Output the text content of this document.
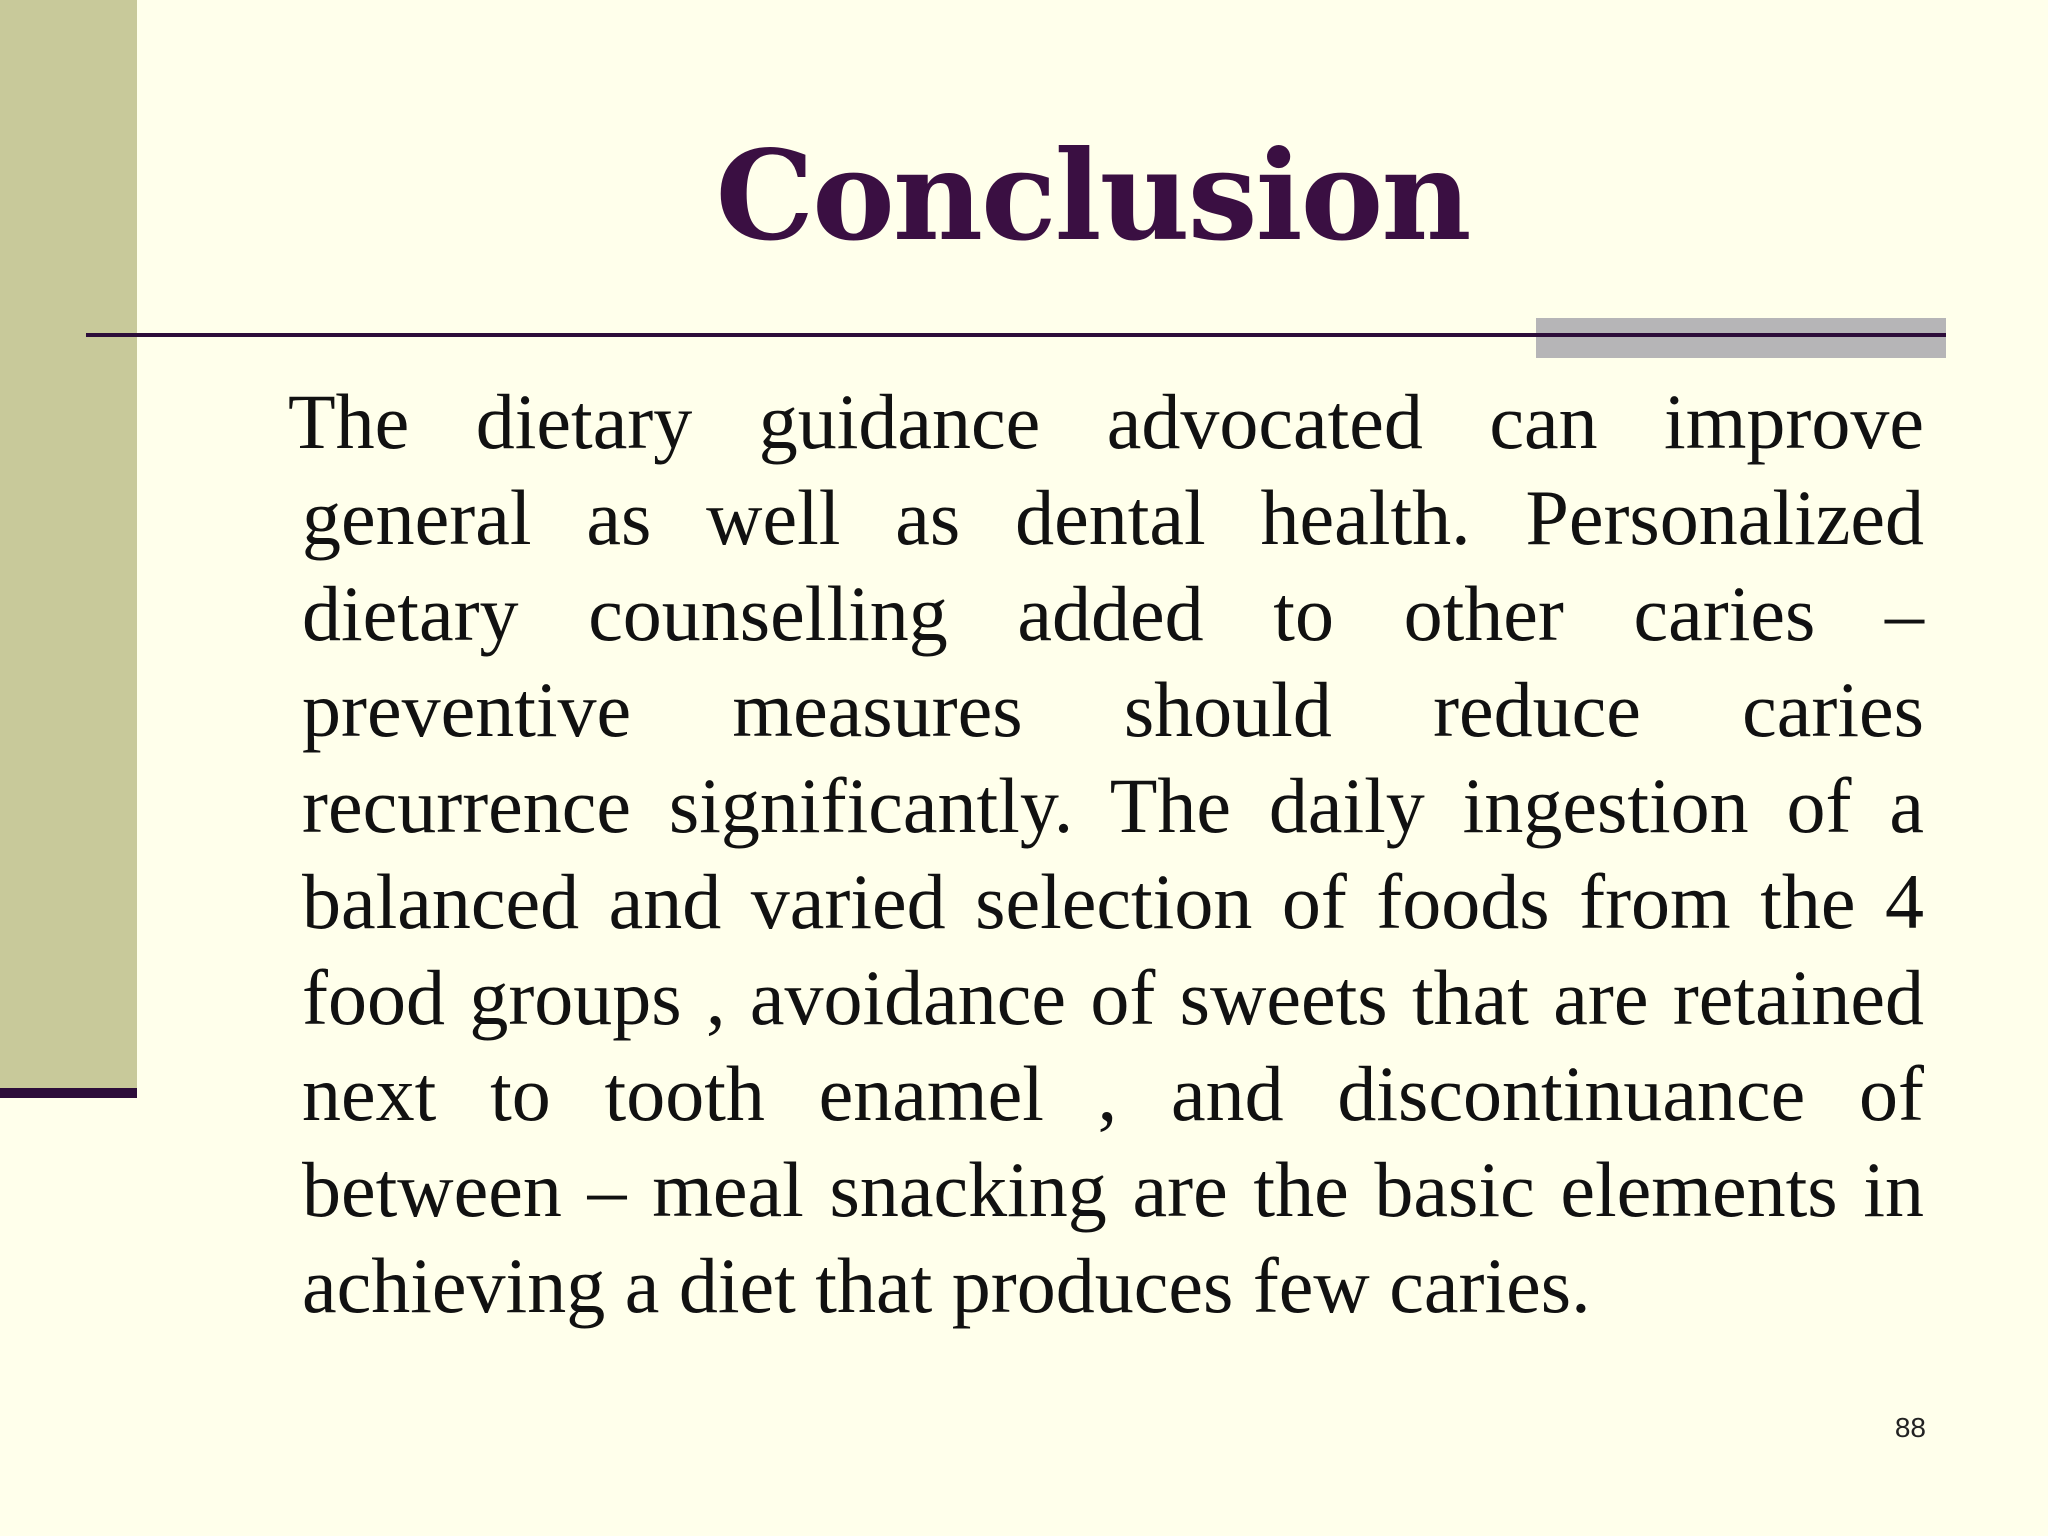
Conclusion

The dietary guidance advocated can improve general as well as dental health. Personalized dietary counselling added to other caries – preventive measures should reduce caries recurrence significantly. The daily ingestion of a balanced and varied selection of foods from the 4 food groups , avoidance of sweets that are retained next to tooth enamel , and discontinuance of between – meal snacking are the basic elements in achieving a diet that produces few caries.

88
